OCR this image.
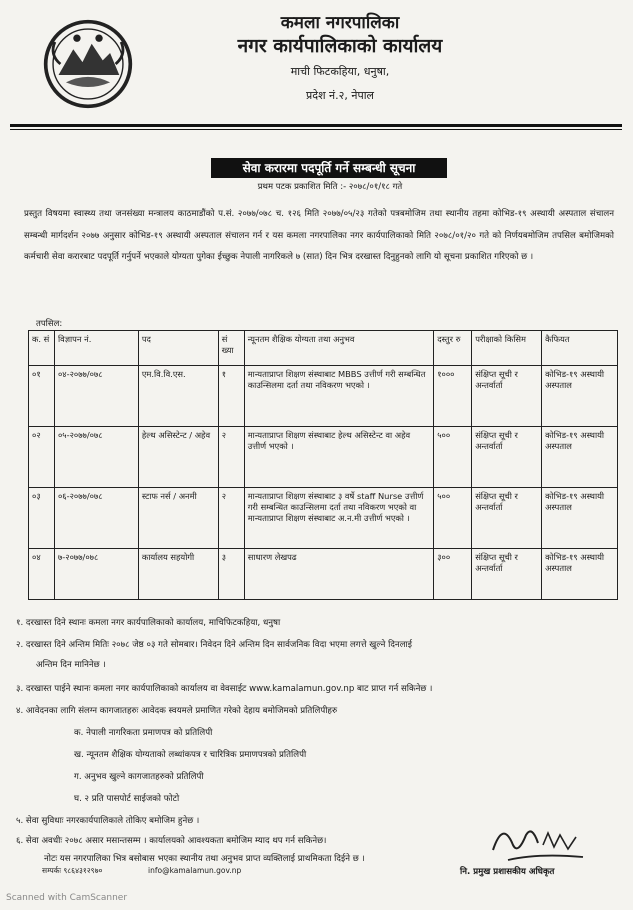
कमला नगरपालिका
नगर कार्यपालिकाको कार्यालय
माची फिटकहिया, धनुषा,
प्रदेश नं.२, नेपाल
सेवा करारमा पदपूर्ति गर्ने सम्बन्धी सूचना
प्रथम पटक प्रकाशित मिति :- २०७८/०१/१८ गते
प्रस्तुत विषयमा स्वास्थ्य तथा जनसंख्या मन्त्रालय काठमाडौंको प.सं. २०७७/०७८ च. १२६ मिति २०७७/०५/२३ गतेको पत्रबमोजिम तथा स्थानीय तहमा कोभिड-१९ अस्थायी अस्पताल संचालन सम्बन्धी मार्गदर्शन २०७७ अनुसार कोभिड-१९ अस्थायी अस्पताल संचालन गर्न र यस कमला नगरपालिका नगर कार्यपालिकाको मिति २०७८/०१/२० गते को निर्णयबमोजिम तपसिल बमोजिमको कर्मचारी सेवा करारबाट पदपूर्ति गर्नुपर्ने भएकाले योग्यता पुगेका ईच्छुक नेपाली नागरिकले ७ (सात) दिन भित्र दरखास्त दिनुहुनको लागि यो सूचना प्रकाशित गरिएको छ ।
तपसिल:
क. सं	विज्ञापन नं.	पद	सं ख्या	न्यूनतम शैक्षिक योग्यता तथा अनुभव	दस्तुर रु	परीक्षाको किसिम	कैफियत
०१	०४-२०७७/०७८	एम.वि.वि.एस.	१	मान्यताप्राप्त शिक्षण संस्थाबाट MBBS उत्तीर्ण गरी सम्बन्धित काउन्सिलमा दर्ता तथा नविकरण भएको ।	१०००	संक्षिप्त सूची र अन्तर्वार्ता	कोभिड-१९ अस्थायी अस्पताल
०२	०५-२०७७/०७८	हेल्थ असिस्टेन्ट / अहेव	२	मान्यताप्राप्त शिक्षण संस्थाबाट हेल्थ असिस्टेन्ट वा अहेव उत्तीर्ण भएको ।	५००	संक्षिप्त सूची र अन्तर्वार्ता	कोभिड-१९ अस्थायी अस्पताल
०३	०६-२०७७/०७८	स्टाफ नर्स / अनमी	२	मान्यताप्राप्त शिक्षण संस्थाबाट ३ वर्षे staff Nurse उत्तीर्ण गरी सम्बन्धित काउन्सिलमा दर्ता तथा नविकरण भएको वा मान्यताप्राप्त शिक्षण संस्थाबाट अ.न.मी उत्तीर्ण भएको ।	५००	संक्षिप्त सूची र अन्तर्वार्ता	कोभिड-१९ अस्थायी अस्पताल
०४	७-२०७७/०७८	कार्यालय सहयोगी	३	साधारण लेखपढ	३००	संक्षिप्त सूची र अन्तर्वार्ता	कोभिड-१९ अस्थायी अस्पताल
१. दरखास्त दिने स्थानः कमला नगर कार्यपालिकाको कार्यालय, माचिफिटकहिया, धनुषा
२. दरखास्त दिने अन्तिम मितिः २०७८ जेष्ठ ०३ गते सोमबार। निवेदन दिने अन्तिम दिन सार्वजनिक विदा भएमा लगत्ते खुल्ने दिनलाई
अन्तिम दिन मानिनेछ ।
३. दरखास्त पाईने स्थानः कमला नगर कार्यपालिकाको कार्यालय वा वेवसाईट www.kamalamun.gov.np बाट प्राप्त गर्न सकिनेछ ।
४. आवेदनका लागि संलग्न कागजातहरुः आवेदक स्वयमले प्रमाणित गरेको देहाय बमोजिमको प्रतिलिपीहरु
क. नेपाली नागरिकता प्रमाणपत्र को प्रतिलिपी
ख. न्यूनतम शैक्षिक योग्यताको लब्धांकपत्र र चारित्रिक प्रमाणपत्रको प्रतिलिपी
ग. अनुभव खुल्ने कागजातहरुको प्रतिलिपी
घ. २ प्रति पासपोर्ट साईजको फोटो
५. सेवा सुविधाः नगरकार्यपालिकाले तोकिए बमोजिम हुनेछ ।
६. सेवा अवधीः २०७८ असार मसान्तसम्म । कार्यालयको आवश्यकता बमोजिम म्याद थप गर्न सकिनेछ।
नोटः यस नगरपालिका भित्र बसोबास भएका स्थानीय तथा अनुभव प्राप्त व्यक्तिलाई प्राथमिकता दिईने छ ।
सम्पर्कः ९८६४३१२९७०	info@kamalamun.gov.np	नि. प्रमुख प्रशासकीय अधिकृत
Scanned with CamScanner
